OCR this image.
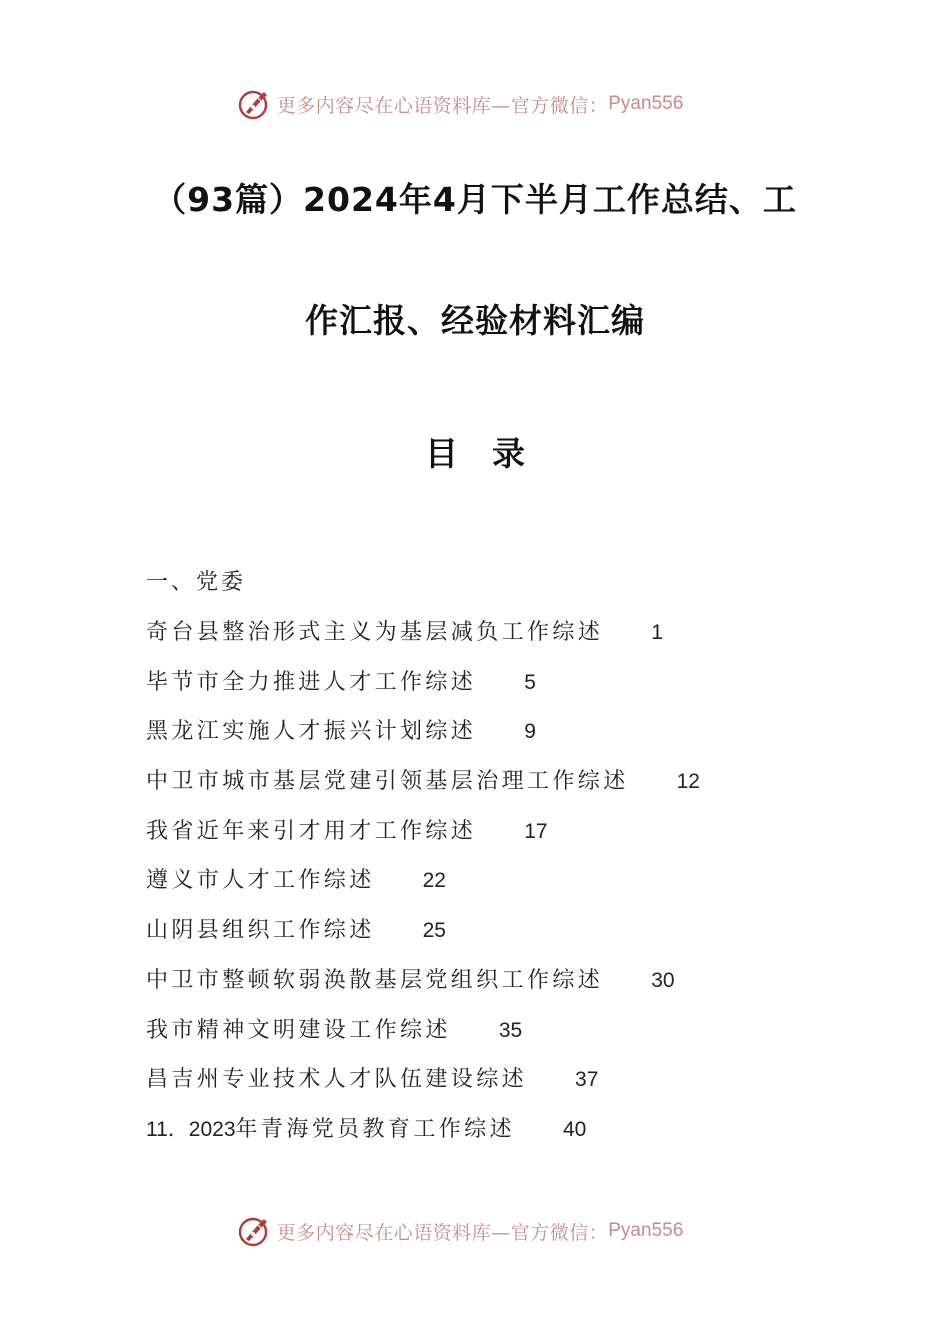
更多内容尽在心语资料库—官方微信： Pyan556
（93篇）2024年4月下半月工作总结、工
作汇报、经验材料汇编
目录
一、党委
奇台县整治形式主义为基层减负工作综述 1
毕节市全力推进人才工作综述 5
黑龙江实施人才振兴计划综述 9
中卫市城市基层党建引领基层治理工作综述 12
我省近年来引才用才工作综述 17
遵义市人才工作综述 22
山阴县组织工作综述 25
中卫市整顿软弱涣散基层党组织工作综述 30
我市精神文明建设工作综述 35
昌吉州专业技术人才队伍建设综述 37
11．2023年青海党员教育工作综述 40
更多内容尽在心语资料库—官方微信： Pyan556
